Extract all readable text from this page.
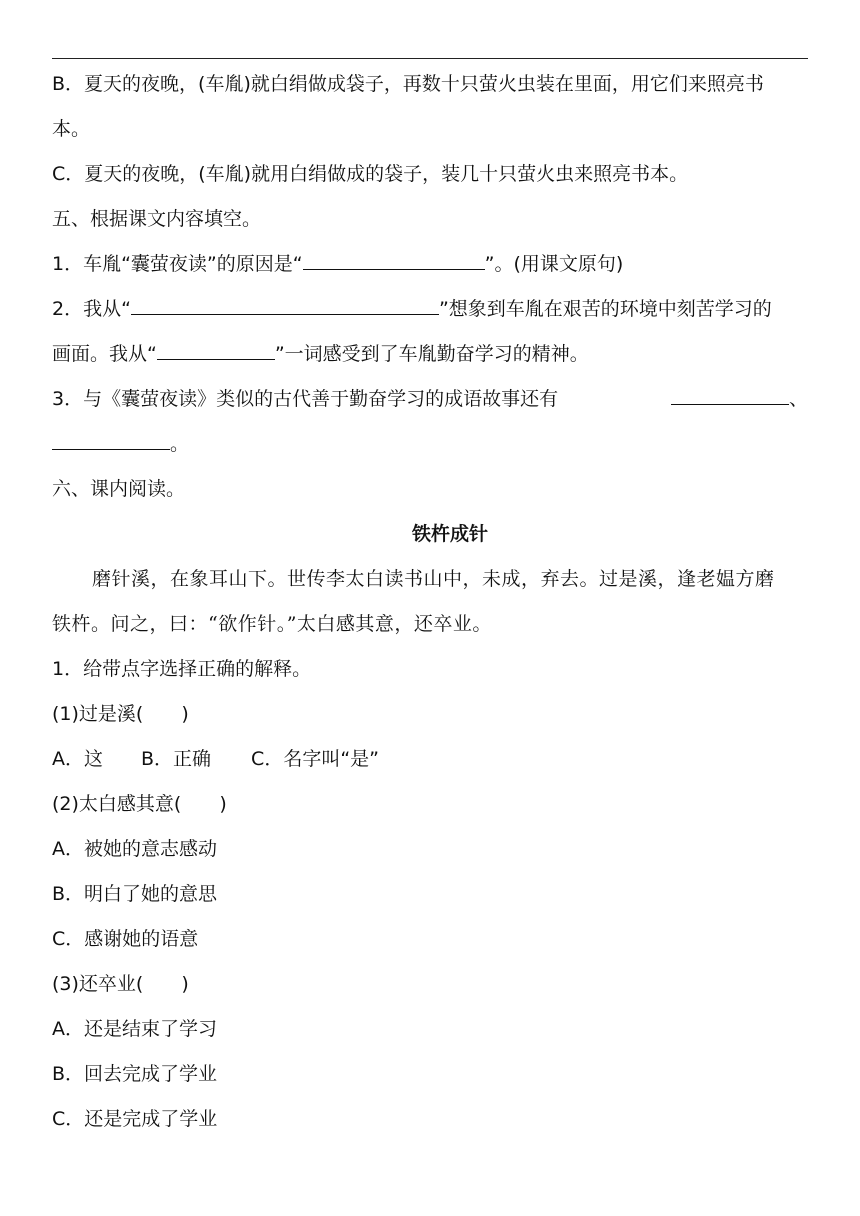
B．夏天的夜晚，(车胤)就白绢做成袋子，再数十只萤火虫装在里面，用它们来照亮书
本。
C．夏天的夜晚，(车胤)就用白绢做成的袋子，装几十只萤火虫来照亮书本。
五、根据课文内容填空。
1．车胤“囊萤夜读”的原因是“	”。(用课文原句)
2．我从“	”想象到车胤在艰苦的环境中刻苦学习的
画面。我从“	”一词感受到了车胤勤奋学习的精神。
3．与《囊萤夜读》类似的古代善于勤奋学习的成语故事还有	、
。
六、课内阅读。
铁杵成针
磨针溪，在象耳山下。世传李太白读书山中，未成，弃去。过是溪，逢老媪方磨
铁杵。问之，曰：“欲作针。”太白感其意，还卒业。
1．给带点字选择正确的解释。
(1)过是溪(　　)
A．这 B．正确 C．名字叫“是”
(2)太白感其意(　　)
A．被她的意志感动
B．明白了她的意思
C．感谢她的语意
(3)还卒业(　　)
A．还是结束了学习
B．回去完成了学业
C．还是完成了学业
